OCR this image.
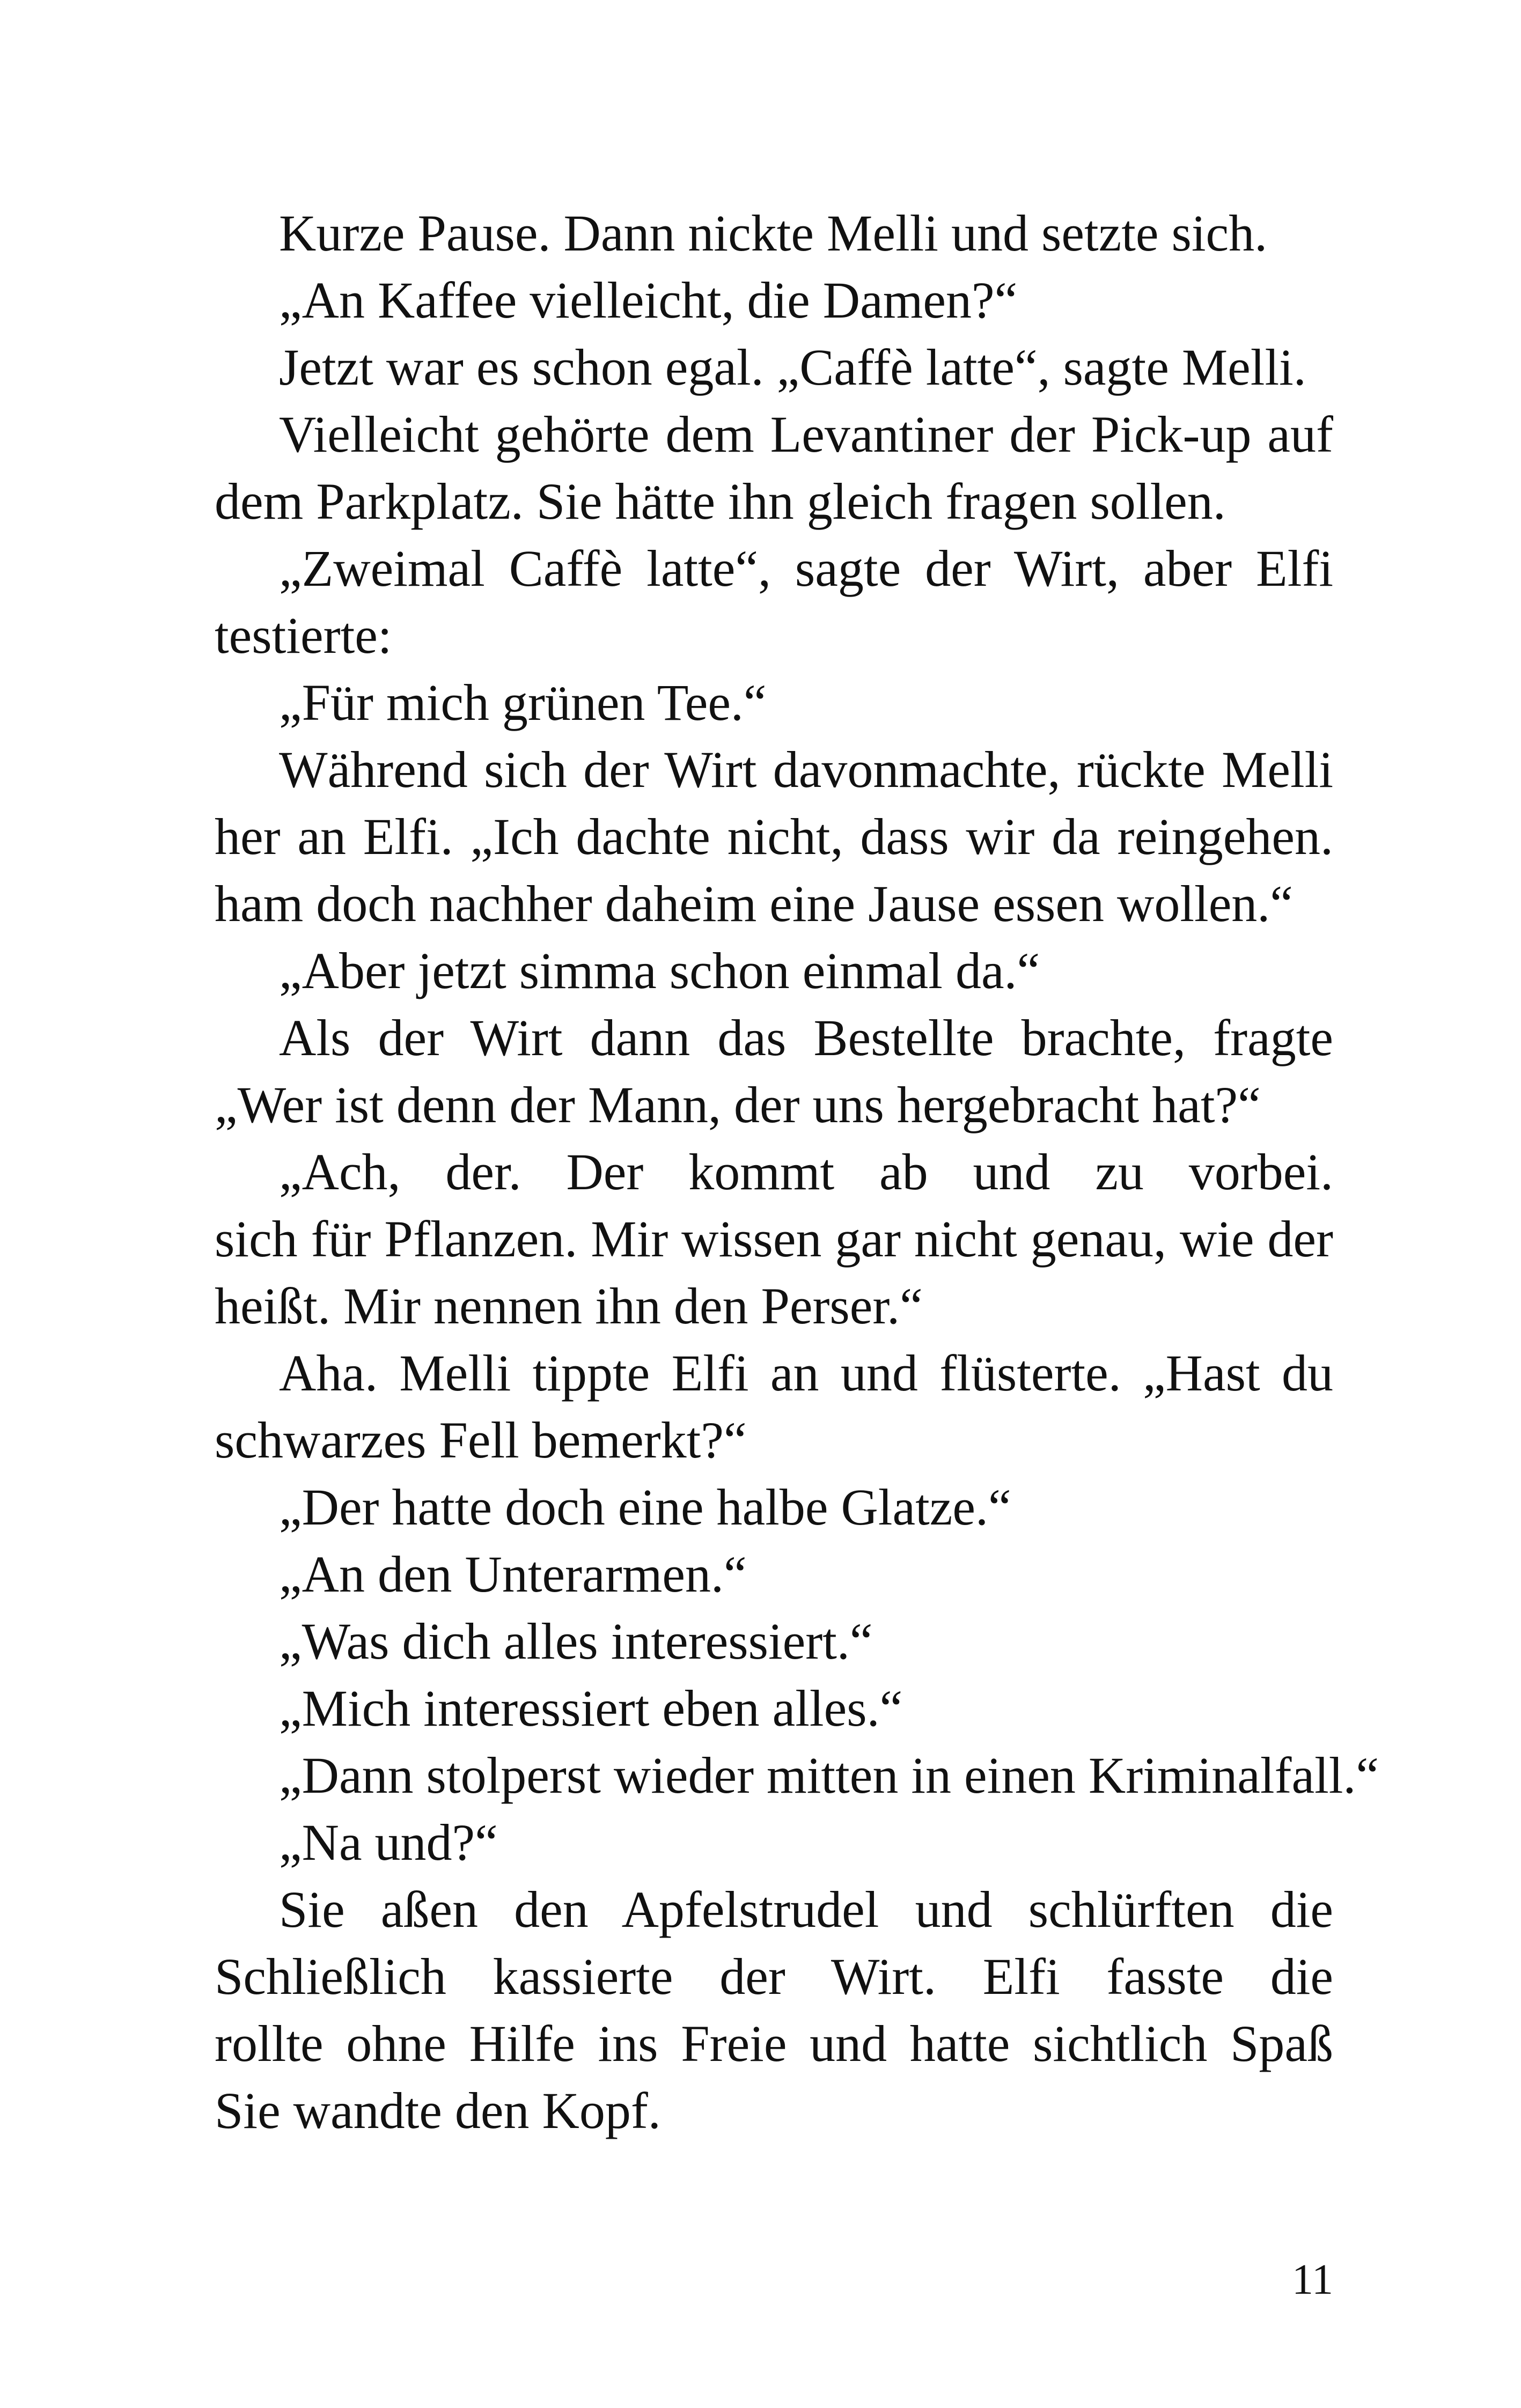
Kurze Pause. Dann nickte Melli und setzte sich.
„An Kaffee vielleicht, die Damen?“
Jetzt war es schon egal. „Caffè latte“, sagte Melli.
Vielleicht gehörte dem Levantiner der Pick-up auf
dem Parkplatz. Sie hätte ihn gleich fragen sollen.
„Zweimal Caffè latte“, sagte der Wirt, aber Elfi
testierte:
„Für mich grünen Tee.“
Während sich der Wirt davonmachte, rückte Melli
her an Elfi. „Ich dachte nicht, dass wir da reingehen.
ham doch nachher daheim eine Jause essen wollen.“
„Aber jetzt simma schon einmal da.“
Als der Wirt dann das Bestellte brachte, fragte
„Wer ist denn der Mann, der uns hergebracht hat?“
„Ach, der. Der kommt ab und zu vorbei.
sich für Pflanzen. Mir wissen gar nicht genau, wie der
heißt. Mir nennen ihn den Perser.“
Aha. Melli tippte Elfi an und flüsterte. „Hast du
schwarzes Fell bemerkt?“
„Der hatte doch eine halbe Glatze.“
„An den Unterarmen.“
„Was dich alles interessiert.“
„Mich interessiert eben alles.“
„Dann stolperst wieder mitten in einen Kriminalfall.“
„Na und?“
Sie aßen den Apfelstrudel und schlürften die
Schließlich kassierte der Wirt. Elfi fasste die
rollte ohne Hilfe ins Freie und hatte sichtlich Spaß
Sie wandte den Kopf.
11
